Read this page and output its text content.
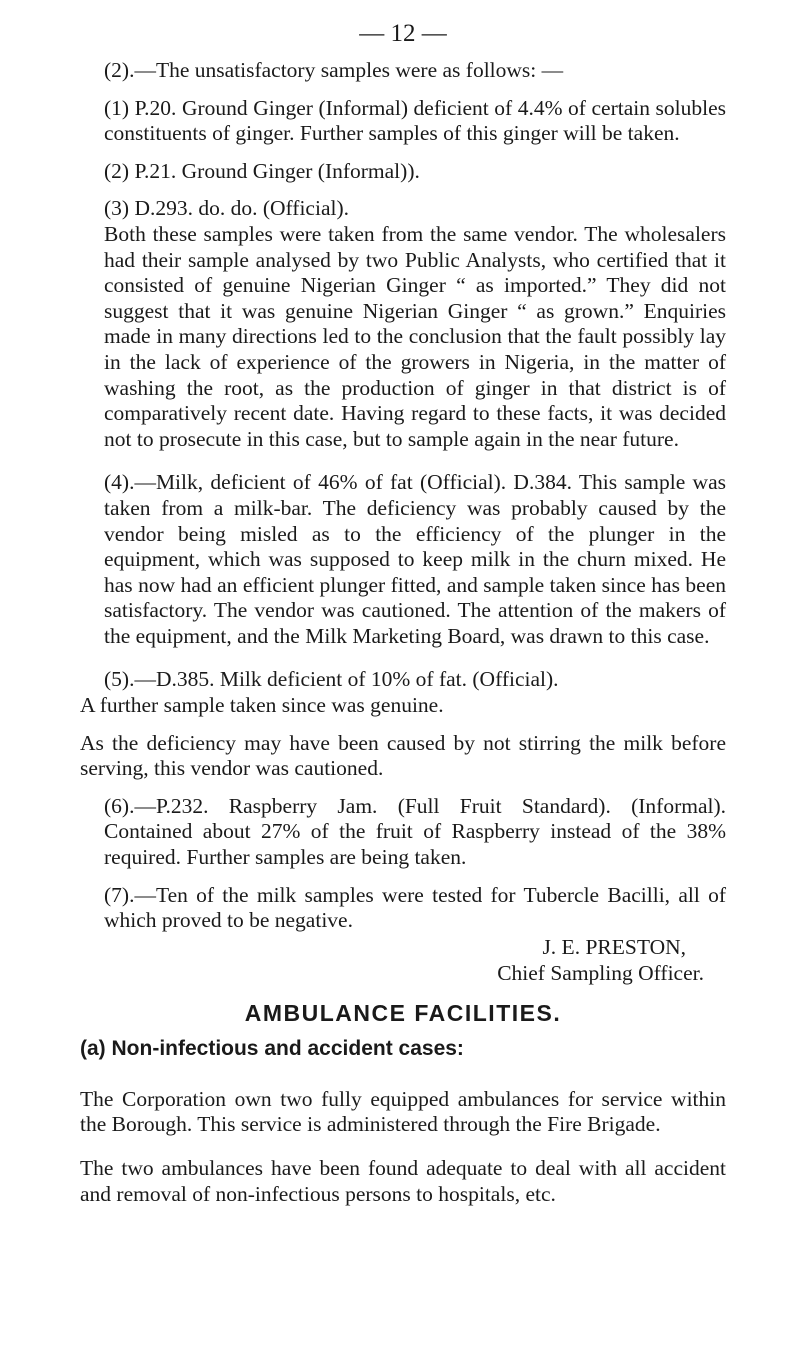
— 12 —

(2).—The unsatisfactory samples were as follows: —

(1) P.20. Ground Ginger (Informal) deficient of 4.4% of certain solubles constituents of ginger. Further samples of this ginger will be taken.

(2) P.21. Ground Ginger (Informal)).

(3) D.293. do. do. (Official).

Both these samples were taken from the same vendor. The wholesalers had their sample analysed by two Public Analysts, who certified that it consisted of genuine Nigerian Ginger “ as imported.” They did not suggest that it was genuine Nigerian Ginger “ as grown.” Enquiries made in many directions led to the conclusion that the fault possibly lay in the lack of experience of the growers in Nigeria, in the matter of washing the root, as the production of ginger in that district is of comparatively recent date. Having regard to these facts, it was decided not to prosecute in this case, but to sample again in the near future.

(4).—Milk, deficient of 46% of fat (Official). D.384. This sample was taken from a milk-bar. The deficiency was probably caused by the vendor being misled as to the efficiency of the plunger in the equipment, which was supposed to keep milk in the churn mixed. He has now had an efficient plunger fitted, and sample taken since has been satisfactory. The vendor was cautioned. The attention of the makers of the equipment, and the Milk Marketing Board, was drawn to this case.

(5).—D.385. Milk deficient of 10% of fat. (Official).

A further sample taken since was genuine.

As the deficiency may have been caused by not stirring the milk before serving, this vendor was cautioned.

(6).—P.232. Raspberry Jam. (Full Fruit Standard). (Informal). Contained about 27% of the fruit of Raspberry instead of the 38% required. Further samples are being taken.

(7).—Ten of the milk samples were tested for Tubercle Bacilli, all of which proved to be negative.

J. E. PRESTON,

Chief Sampling Officer.

AMBULANCE FACILITIES.
(a) Non-infectious and accident cases:

The Corporation own two fully equipped ambulances for service within the Borough. This service is administered through the Fire Brigade.

The two ambulances have been found adequate to deal with all accident and removal of non-infectious persons to hospitals, etc.
